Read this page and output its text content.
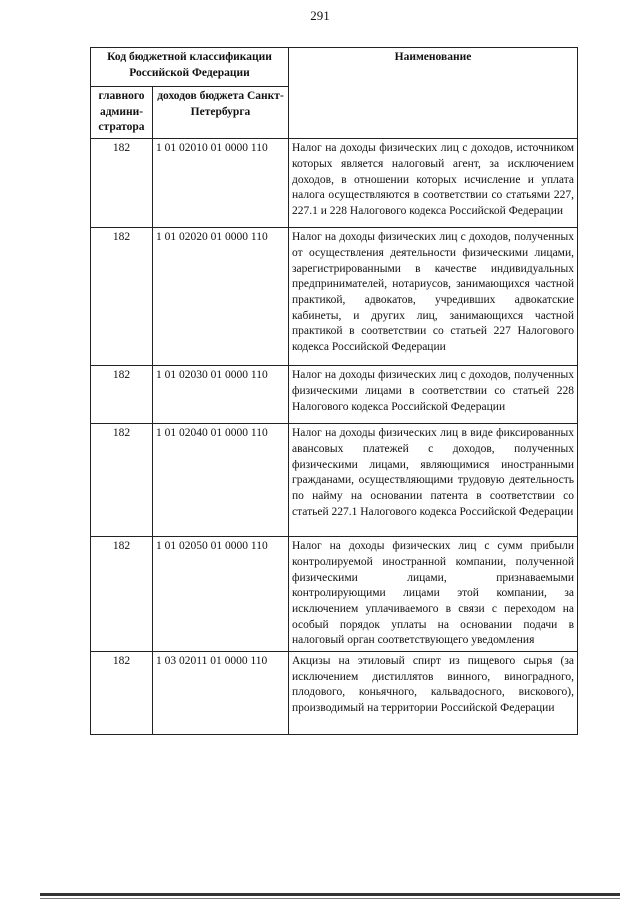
291
Код бюджетной классификации Российской Федерации		Наименование
главного админи-стратора	доходов бюджета Санкт-Петербурга	
182	1 01 02010 01 0000 110	Налог на доходы физических лиц с доходов, источником которых является налоговый агент, за исключением доходов, в отношении которых исчисление и уплата налога осуществляются в соответствии со статьями 227, 227.1 и 228 Налогового кодекса Российской Федерации
182	1 01 02020 01 0000 110	Налог на доходы физических лиц с доходов, полученных от осуществления деятельности физическими лицами, зарегистрированными в качестве индивидуальных предпринимателей, нотариусов, занимающихся частной практикой, адвокатов, учредивших адвокатские кабинеты, и других лиц, занимающихся частной практикой в соответствии со статьей 227 Налогового кодекса Российской Федерации
182	1 01 02030 01 0000 110	Налог на доходы физических лиц с доходов, полученных физическими лицами в соответствии со статьей 228 Налогового кодекса Российской Федерации
182	1 01 02040 01 0000 110	Налог на доходы физических лиц в виде фиксированных авансовых платежей с доходов, полученных физическими лицами, являющимися иностранными гражданами, осуществляющими трудовую деятельность по найму на основании патента в соответствии со статьей 227.1 Налогового кодекса Российской Федерации
182	1 01 02050 01 0000 110	Налог на доходы физических лиц с сумм прибыли контролируемой иностранной компании, полученной физическими лицами, признаваемыми контролирующими лицами этой компании, за исключением уплачиваемого в связи с переходом на особый порядок уплаты на основании подачи в налоговый орган соответствующего уведомления
182	1 03 02011 01 0000 110	Акцизы на этиловый спирт из пищевого сырья (за исключением дистиллятов винного, виноградного, плодового, коньячного, кальвадосного, вискового), производимый на территории Российской Федерации
